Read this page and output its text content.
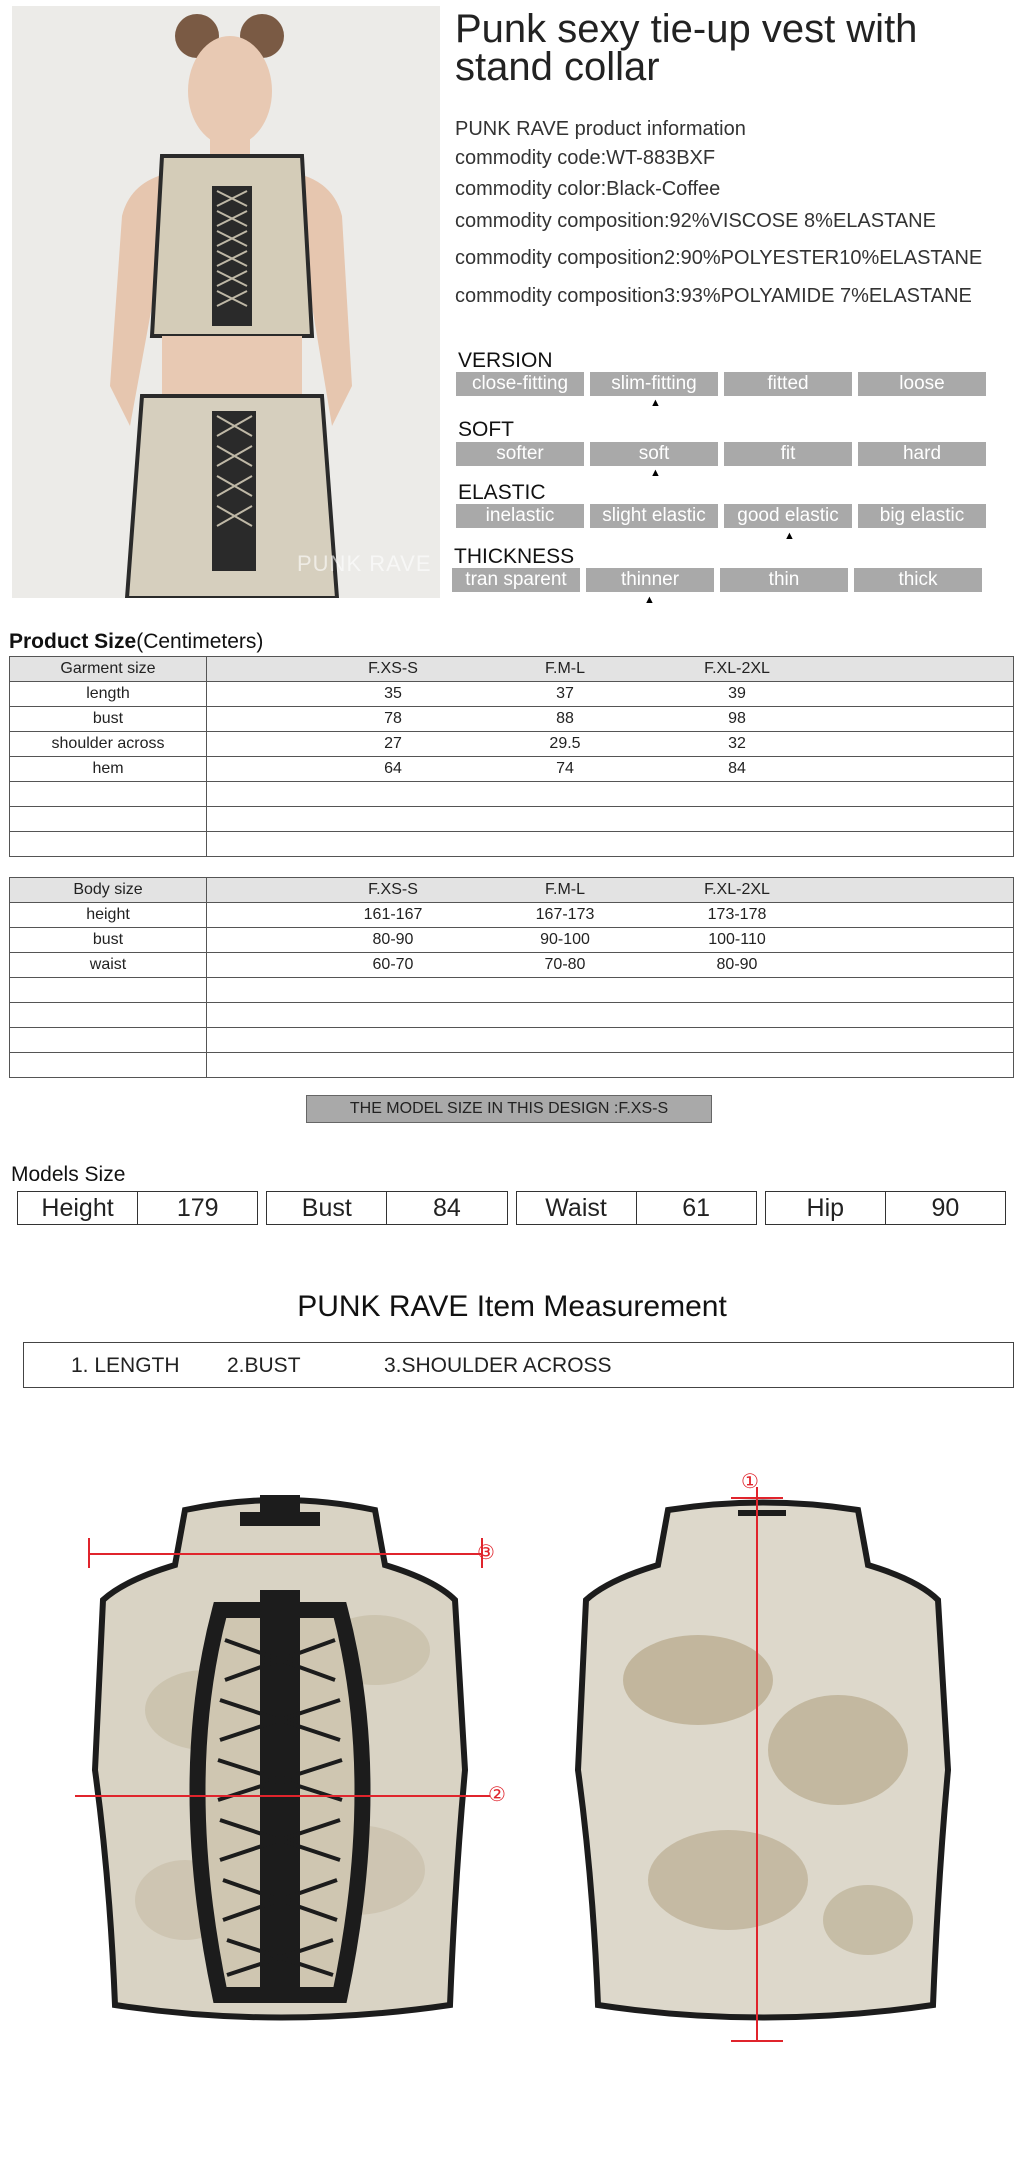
PUNK RAVE
Punk sexy tie-up vest with stand collar
PUNK RAVE product information
commodity code:WT-883BXF
commodity color:Black-Coffee
commodity composition:92%VISCOSE 8%ELASTANE
commodity composition2:90%POLYESTER10%ELASTANE
commodity composition3:93%POLYAMIDE 7%ELASTANE
VERSION
close-fitting	slim-fitting	fitted	loose
▲
SOFT
softer	soft	fit	hard
▲
ELASTIC
inelastic	slight elastic	good elastic	big elastic
▲
THICKNESS
tran sparent	thinner	thin	thick
▲
Product Size(Centimeters)
Garment size	F.XS-S F.M-L F.XL-2XL

length	35 37 39

bust	78 88 98

shoulder across	27 29.5 32

hem	64 74 84

Body size	F.XS-S F.M-L F.XL-2XL

height	161-167 167-173 173-178

bust	80-90 90-100 100-110

waist	60-70 70-80 80-90

THE MODEL SIZE IN THIS DESIGN :F.XS-S
Models Size
Height	179	Bust	84	Waist	61	Hip	90
PUNK RAVE Item Measurement
1. LENGTH 2.BUST	3.SHOULDER ACROSS
③
②
①
